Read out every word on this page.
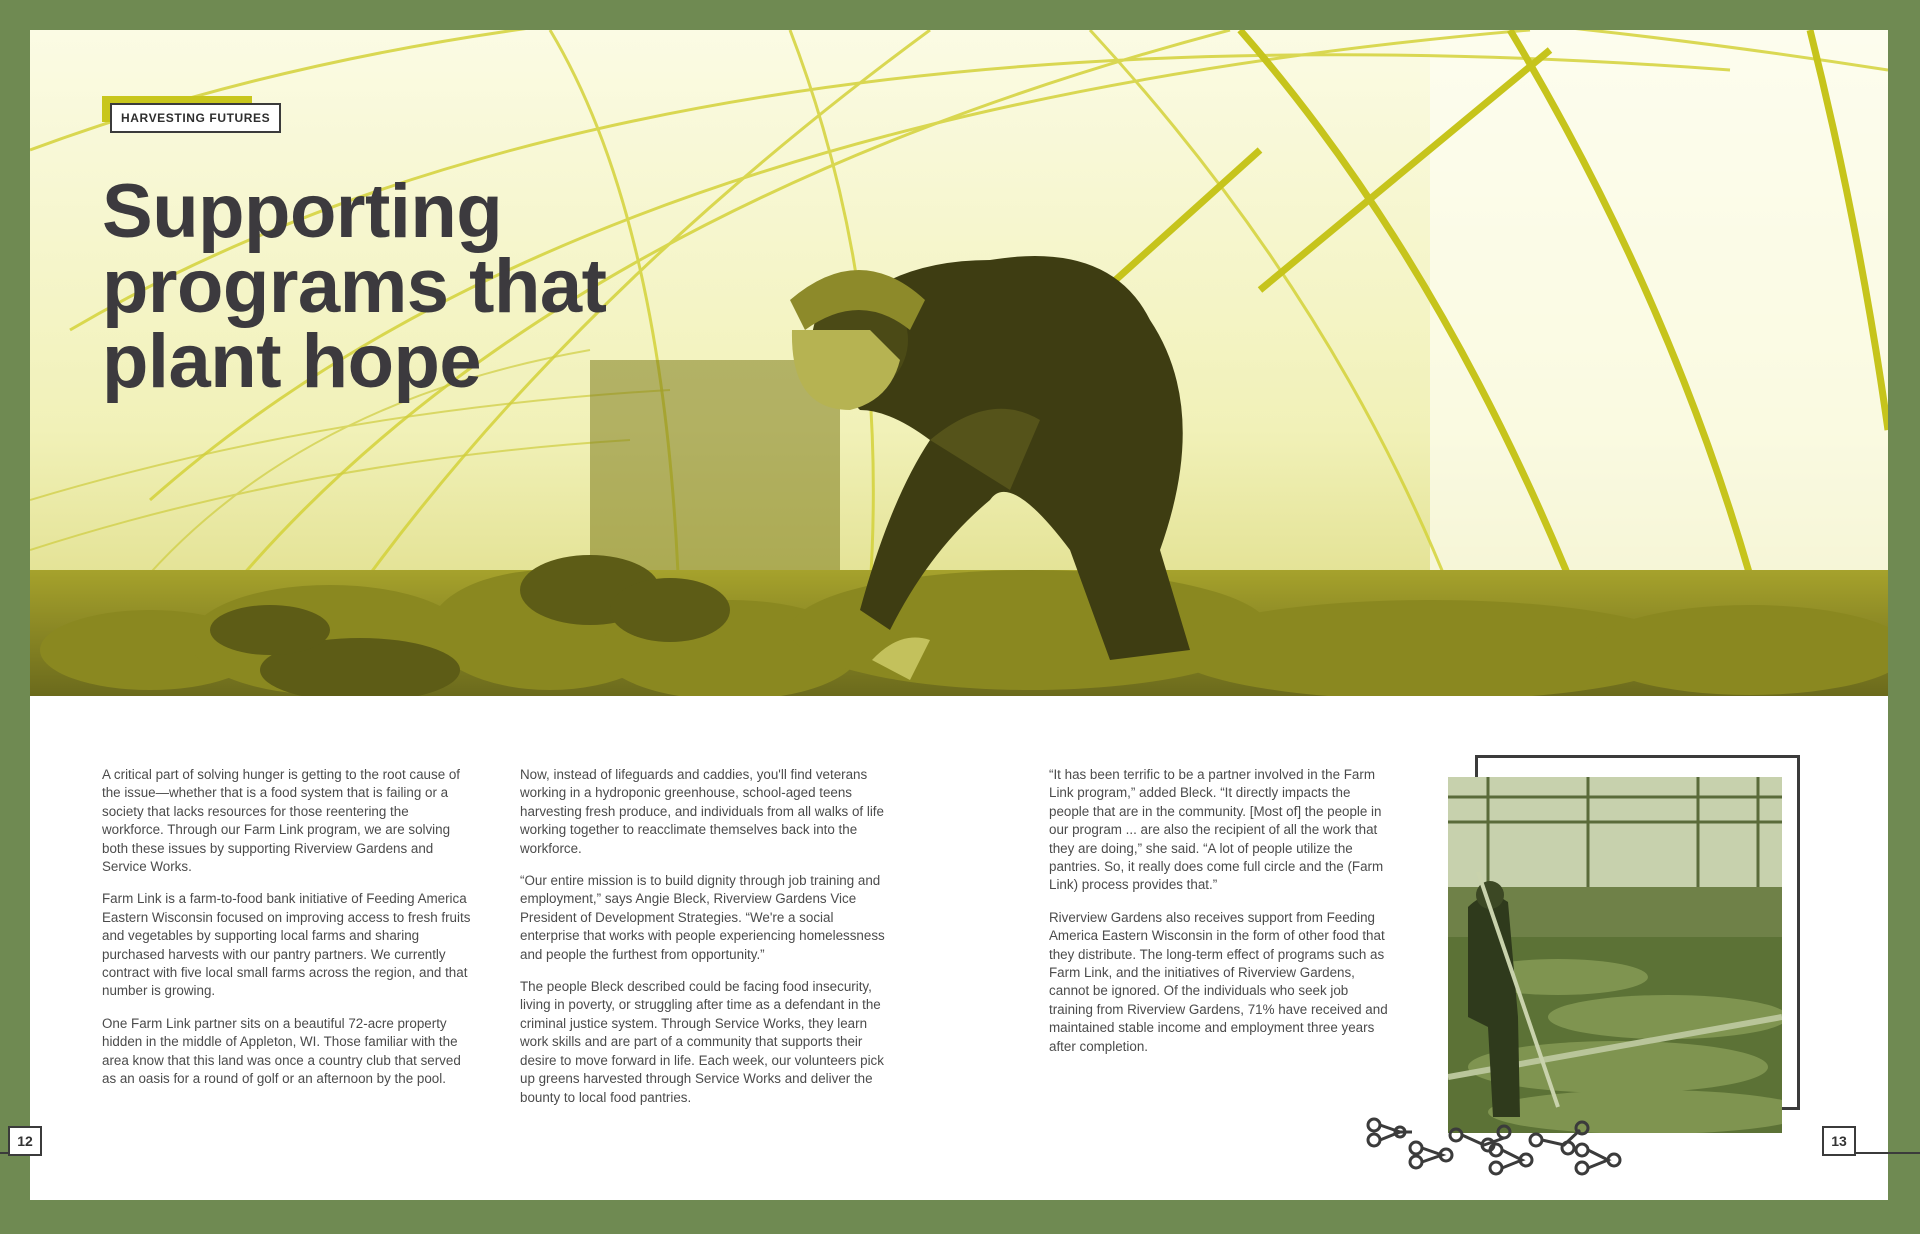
HARVESTING FUTURES
Supporting programs that plant hope

A critical part of solving hunger is getting to the root cause of the issue—whether that is a food system that is failing or a society that lacks resources for those reentering the workforce. Through our Farm Link program, we are solving both these issues by supporting Riverview Gardens and Service Works.

Farm Link is a farm-to-food bank initiative of Feeding America Eastern Wisconsin focused on improving access to fresh fruits and vegetables by supporting local farms and sharing purchased harvests with our pantry partners. We currently contract with five local small farms across the region, and that number is growing.

One Farm Link partner sits on a beautiful 72-acre property hidden in the middle of Appleton, WI. Those familiar with the area know that this land was once a country club that served as an oasis for a round of golf or an afternoon by the pool.

Now, instead of lifeguards and caddies, you'll find veterans working in a hydroponic greenhouse, school-aged teens harvesting fresh produce, and individuals from all walks of life working together to reacclimate themselves back into the workforce.

“Our entire mission is to build dignity through job training and employment,” says Angie Bleck, Riverview Gardens Vice President of Development Strategies. “We're a social enterprise that works with people experiencing homelessness and people the furthest from opportunity.”

The people Bleck described could be facing food insecurity, living in poverty, or struggling after time as a defendant in the criminal justice system. Through Service Works, they learn work skills and are part of a community that supports their desire to move forward in life. Each week, our volunteers pick up greens harvested through Service Works and deliver the bounty to local food pantries.

“It has been terrific to be a partner involved in the Farm Link program,” added Bleck. “It directly impacts the people that are in the community. [Most of] the people in our program ... are also the recipient of all the work that they are doing,” she said. “A lot of people utilize the pantries. So, it really does come full circle and the (Farm Link) process provides that.”

Riverview Gardens also receives support from Feeding America Eastern Wisconsin in the form of other food that they distribute. The long-term effect of programs such as Farm Link, and the initiatives of Riverview Gardens, cannot be ignored. Of the individuals who seek job training from Riverview Gardens, 71% have received and maintained stable income and employment three years after completion.

12	13
